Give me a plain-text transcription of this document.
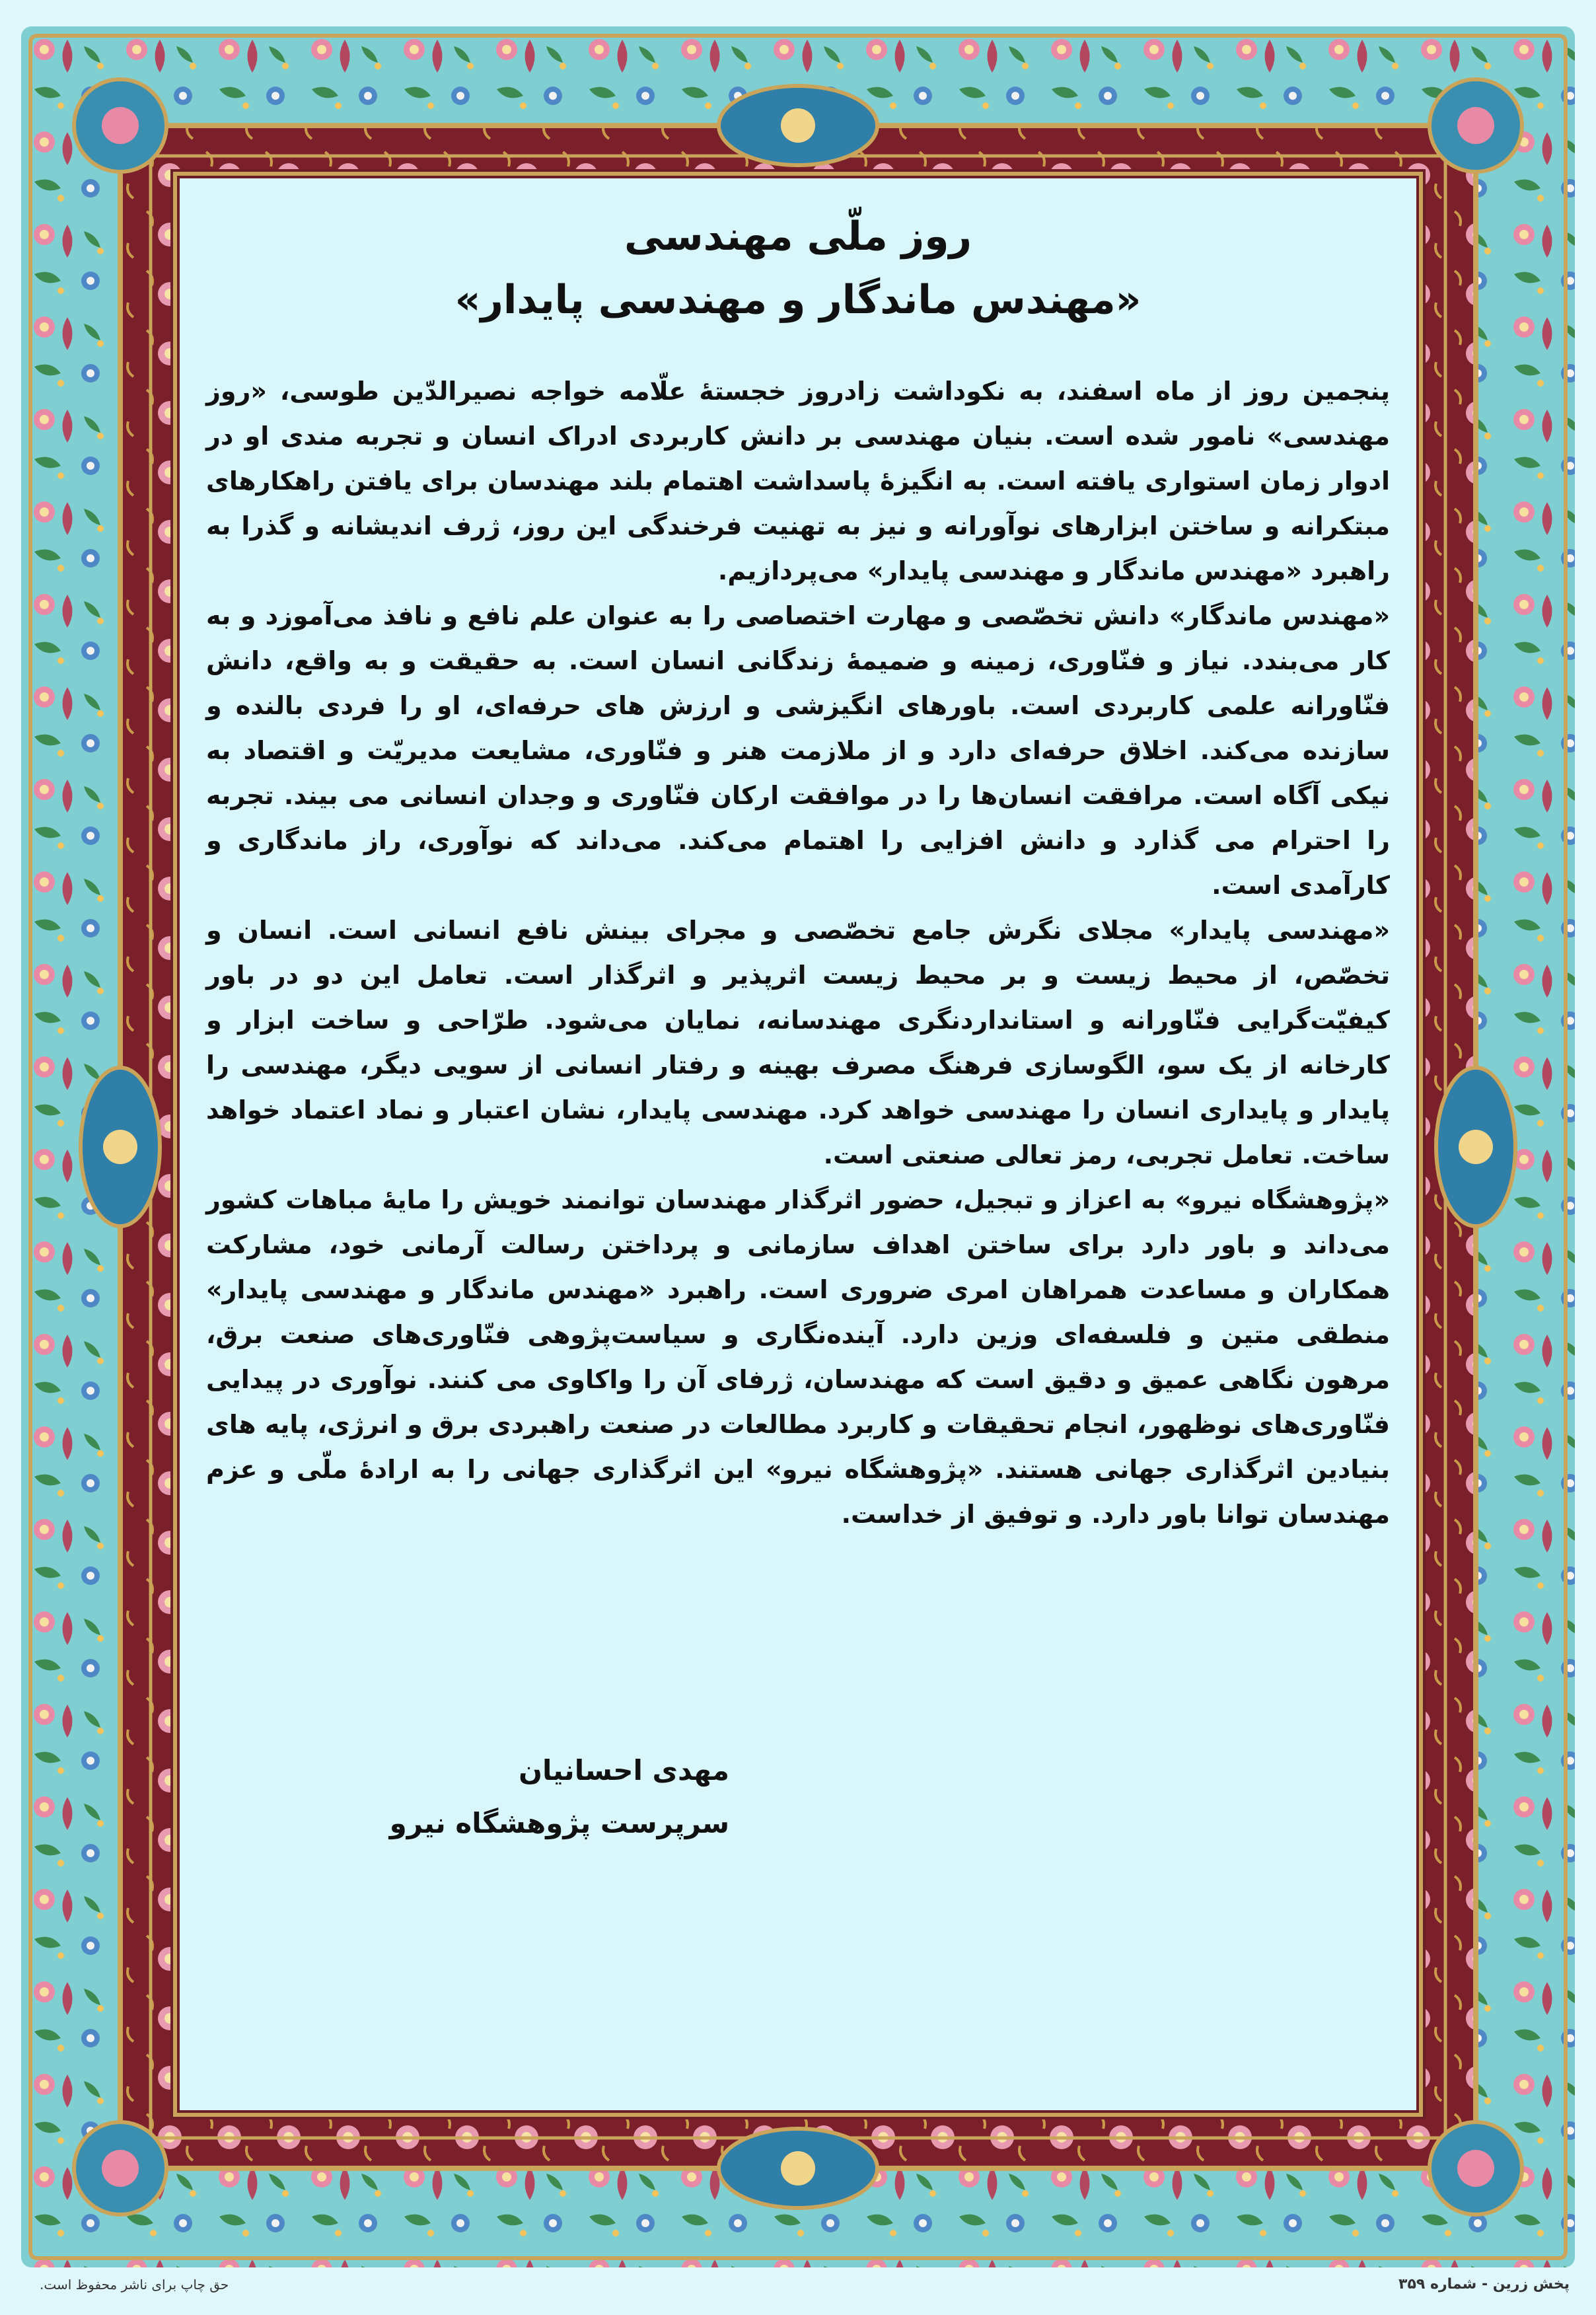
روز ملّی مهندسی

«مهندس ماندگار و مهندسی پایدار»

پنجمین روز از ماه اسفند، به نکوداشت زادروز خجستهٔ علّامه خواجه نصیرالدّین طوسی، «روز مهندسی» نامور شده است. بنیان مهندسی بر دانش کاربردی ادراک انسان و تجربه مندی او در ادوار زمان استواری یافته است. به انگیزهٔ پاسداشت اهتمام بلند مهندسان برای یافتن راهکارهای مبتکرانه و ساختن ابزارهای نوآورانه و نیز به تهنیت فرخندگی این روز، ژرف اندیشانه و گذرا به راهبرد «مهندس ماندگار و مهندسی پایدار» می‌پردازیم.

«مهندس ماندگار» دانش تخصّصی و مهارت اختصاصی را به عنوان علم نافع و نافذ می‌آموزد و به کار می‌بندد. نیاز و فنّاوری، زمینه و ضمیمهٔ زندگانی انسان است. به حقیقت و به واقع، دانش فنّاورانه علمی کاربردی است. باورهای انگیزشی و ارزش های حرفه‌ای، او را فردی بالنده و سازنده می‌کند. اخلاق حرفه‌ای دارد و از ملازمت هنر و فنّاوری، مشایعت مدیریّت و اقتصاد به نیکی آگاه است. مرافقت انسان‌ها را در موافقت ارکان فنّاوری و وجدان انسانی می بیند. تجربه را احترام می گذارد و دانش افزایی را اهتمام می‌کند. می‌داند که نوآوری، راز ماندگاری و کارآمدی است.

«مهندسی پایدار» مجلای نگرش جامع تخصّصی و مجرای بینش نافع انسانی است. انسان و تخصّص، از محیط زیست و بر محیط زیست اثرپذیر و اثرگذار است. تعامل این دو در باور کیفیّت‌گرایی فنّاورانه و استانداردنگری مهندسانه، نمایان می‌شود. طرّاحی و ساخت ابزار و کارخانه از یک سو، الگوسازی فرهنگ مصرف بهینه و رفتار انسانی از سویی دیگر، مهندسی را پایدار و پایداری انسان را مهندسی خواهد کرد. مهندسی پایدار، نشان اعتبار و نماد اعتماد خواهد ساخت. تعامل تجربی، رمز تعالی صنعتی است.

«پژوهشگاه نیرو» به اعزاز و تبجیل، حضور اثرگذار مهندسان توانمند خویش را مایهٔ مباهات کشور می‌داند و باور دارد برای ساختن اهداف سازمانی و پرداختن رسالت آرمانی خود، مشارکت همکاران و مساعدت همراهان امری ضروری است. راهبرد «مهندس ماندگار و مهندسی پایدار» منطقی متین و فلسفه‌ای وزین دارد. آینده‌نگاری و سیاست‌پژوهی فنّاوری‌های صنعت برق، مرهون نگاهی عمیق و دقیق است که مهندسان، ژرفای آن را واکاوی می کنند. نوآوری در پیدایی فنّاوری‌های نوظهور، انجام تحقیقات و کاربرد مطالعات در صنعت راهبردی برق و انرژی، پایه های بنیادین اثرگذاری جهانی هستند. «پژوهشگاه نیرو» این اثرگذاری جهانی را به ارادهٔ ملّی و عزم مهندسان توانا باور دارد. و توفیق از خداست.

مهدی احسانیان
سرپرست پژوهشگاه نیرو
حق چاپ برای ناشر محفوظ است.	پخش زرین - شماره ۳۵۹
